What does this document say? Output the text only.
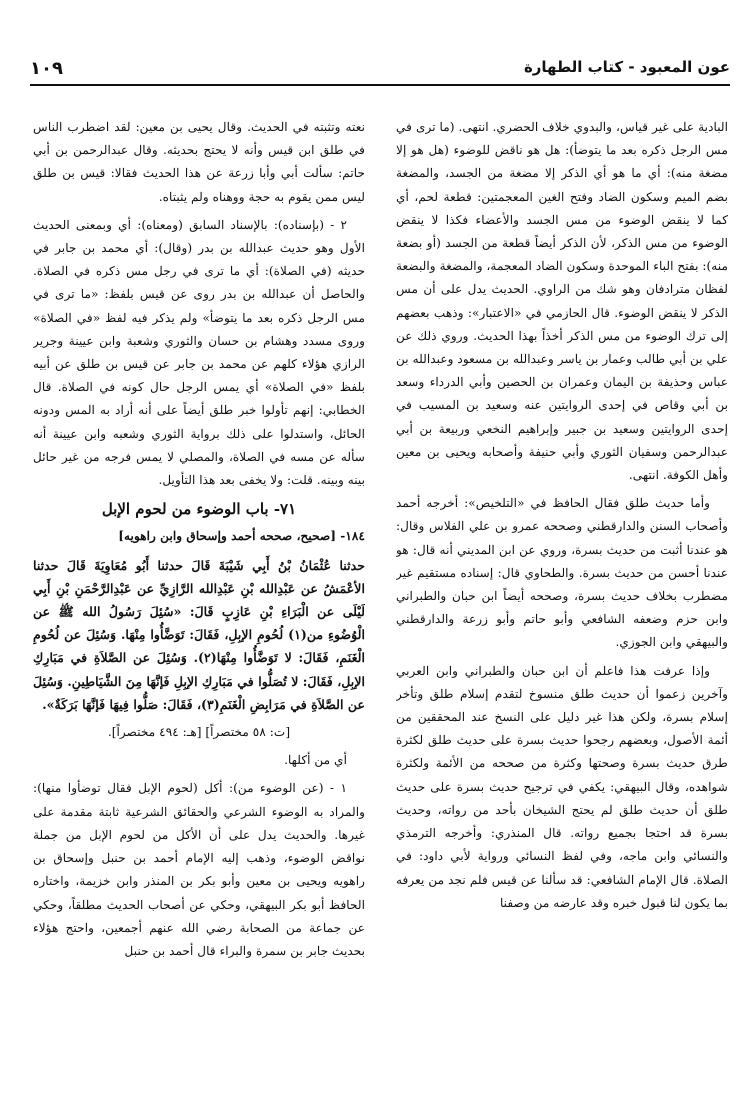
١٠٩	عون المعبود - كتاب الطهارة

البادية على غير قياس، والبدوي خلاف الحضري. انتهى. (ما ترى في مس الرجل ذكره بعد ما يتوضأ): هل هو ناقض للوضوء (هل هو إلا مضغة منه): أي ما هو أي الذكر إلا مضغة من الجسد، والمضغة بضم الميم وسكون الضاد وفتح الغين المعجمتين: قطعة لحم، أي كما لا ينقض الوضوء من مس الجسد والأعضاء فكذا لا ينقض الوضوء من مس الذكر، لأن الذكر أيضاً قطعة من الجسد (أو بضعة منه): بفتح الباء الموحدة وسكون الضاد المعجمة، والمضغة والبضعة لفظان مترادفان وهو شك من الراوي. الحديث يدل على أن مس الذكر لا ينقض الوضوء. قال الحازمي في «الاعتبار»: وذهب بعضهم إلى ترك الوضوء من مس الذكر أخذاً بهذا الحديث. وروي ذلك عن علي بن أبي طالب وعمار بن ياسر وعبدالله بن مسعود وعبدالله بن عباس وحذيفة بن اليمان وعمران بن الحصين وأبي الدرداء وسعد بن أبي وقاص في إحدى الروايتين عنه وسعيد بن المسيب في إحدى الروايتين وسعيد بن جبير وإبراهيم النخعي وربيعة بن أبي عبدالرحمن وسفيان الثوري وأبي حنيفة وأصحابه ويحيى بن معين وأهل الكوفة. انتهى.

وأما حديث طلق فقال الحافظ في «التلخيص»: أخرجه أحمد وأصحاب السنن والدارقطني وصححه عمرو بن علي الفلاس وقال: هو عندنا أثبت من حديث بسرة، وروي عن ابن المديني أنه قال: هو عندنا أحسن من حديث بسرة. والطحاوي قال: إسناده مستقيم غير مضطرب بخلاف حديث بسرة، وصححه أيضاً ابن حبان والطبراني وابن حزم وضعفه الشافعي وأبو حاتم وأبو زرعة والدارقطني والبيهقي وابن الجوزي.

وإذا عرفت هذا فاعلم أن ابن حبان والطبراني وابن العربي وآخرين زعموا أن حديث طلق منسوخ لتقدم إسلام طلق وتأخر إسلام بسرة، ولكن هذا غير دليل على النسخ عند المحققين من أئمة الأصول، وبعضهم رجحوا حديث بسرة على حديث طلق لكثرة طرق حديث بسرة وصحتها وكثرة من صححه من الأئمة ولكثرة شواهده، وقال البيهقي: يكفي في ترجيح حديث بسرة على حديث طلق أن حديث طلق لم يحتج الشيخان بأحد من رواته، وحديث بسرة قد احتجا بجميع رواته. قال المنذري: وأخرجه الترمذي والنسائي وابن ماجه، وفي لفظ النسائي ورواية لأبي داود: في الصلاة. قال الإمام الشافعي: قد سألنا عن قيس فلم نجد من يعرفه بما يكون لنا قبول خبره وقد عارضه من وصفنا

نعته وتثبته في الحديث. وقال يحيى بن معين: لقد اضطرب الناس في طلق ابن قيس وأنه لا يحتج بحديثه. وقال عبدالرحمن بن أبي حاتم: سألت أبي وأبا زرعة عن هذا الحديث فقالا: قيس بن طلق ليس ممن يقوم به حجة ووهناه ولم يثبتاه.

٢ - (بإسناده): بالإسناد السابق (ومعناه): أي وبمعنى الحديث الأول وهو حديث عبدالله بن بدر (وقال): أي محمد بن جابر في حديثه (في الصلاة): أي ما ترى في رجل مس ذكره في الصلاة. والحاصل أن عبدالله بن بدر روى عن قيس بلفظ: «ما ترى في مس الرجل ذكره بعد ما يتوضأ» ولم يذكر فيه لفظ «في الصلاة» وروى مسدد وهشام بن حسان والثوري وشعبة وابن عيينة وجرير الرازي هؤلاء كلهم عن محمد بن جابر عن قيس بن طلق عن أبيه بلفظ «في الصلاة» أي يمس الرجل حال كونه في الصلاة. قال الخطابي: إنهم تأولوا خبر طلق أيضاً على أنه أراد به المس ودونه الحائل، واستدلوا على ذلك برواية الثوري وشعبه وابن عيينة أنه سأله عن مسه في الصلاة، والمصلي لا يمس فرجه من غير حائل بينه وبينه. قلت: ولا يخفى بعد هذا التأويل.

٧١- باب الوضوء من لحوم الإبل

١٨٤- [صحيح، صححه أحمد وإسحاق وابن راهويه]

حدثنا عُثْمَانُ بْنُ أَبِي شَيْبَةَ قَالَ حدثنا أَبُو مُعَاوِيَةَ قَالَ حدثنا الأعْمَشُ عن عَبْدِالله بْنِ عَبْدِالله الرَّازِيِّ عن عَبْدِالرَّحْمَنِ بْنِ أَبِي لَيْلَى عن الْبَرَاءِ بْنِ عَازِبٍ قَالَ: «سُئِلَ رَسُولُ الله ﷺ عن الْوُضُوءِ من(١) لُحُومِ الإبِلِ، فَقَالَ: تَوَضَّأُوا مِنْهَا. وَسُئِلَ عن لُحُومِ الْغَنَمِ، فَقَالَ: لا تَوَضَّأُوا مِنْهَا(٢). وَسُئِلَ عن الصَّلاَةِ في مَبَارِكِ الإبِلِ، فَقَالَ: لا تُصَلُّوا في مَبَارِكِ الإبِلِ فَإنَّهَا مِنَ الشَّيَاطِينِ. وَسُئِلَ عن الصَّلاَةِ في مَرَابِضِ الْغَنَمِ(٣)، فَقَالَ: صَلُّوا فِيهَا فَإنَّهَا بَرَكَةٌ».

[ت: ٥٨ مختصراً] [هـ: ٤٩٤ مختصراً].

أي من أكلها.

١ - (عن الوضوء من): أكل (لحوم الإبل فقال توضأوا منها): والمراد به الوضوء الشرعي والحقائق الشرعية ثابتة مقدمة على غيرها. والحديث يدل على أن الأكل من لحوم الإبل من جملة نواقض الوضوء، وذهب إليه الإمام أحمد بن حنبل وإسحاق بن راهويه ويحيى بن معين وأبو بكر بن المنذر وابن خزيمة، واختاره الحافظ أبو بكر البيهقي، وحكي عن أصحاب الحديث مطلقاً، وحكي عن جماعة من الصحابة رضي الله عنهم أجمعين، واحتج هؤلاء بحديث جابر بن سمرة والبراء قال أحمد بن حنبل
